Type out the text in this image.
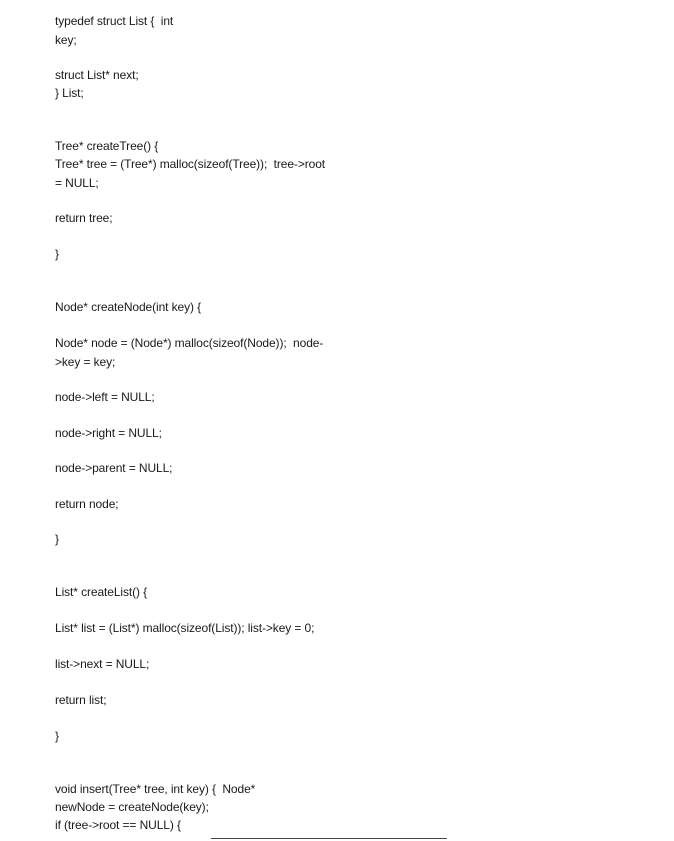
typedef struct List {  int
key;
struct List* next;
} List;
Tree* createTree() {
Tree* tree = (Tree*) malloc(sizeof(Tree));  tree->root
= NULL;
return tree;
}
Node* createNode(int key) {
Node* node = (Node*) malloc(sizeof(Node));  node-
>key = key;
node->left = NULL;
node->right = NULL;
node->parent = NULL;
return node;
}
List* createList() {
List* list = (List*) malloc(sizeof(List)); list->key = 0;
list->next = NULL;
return list;
}
void insert(Tree* tree, int key) {  Node*
newNode = createNode(key);
if (tree->root == NULL) {
